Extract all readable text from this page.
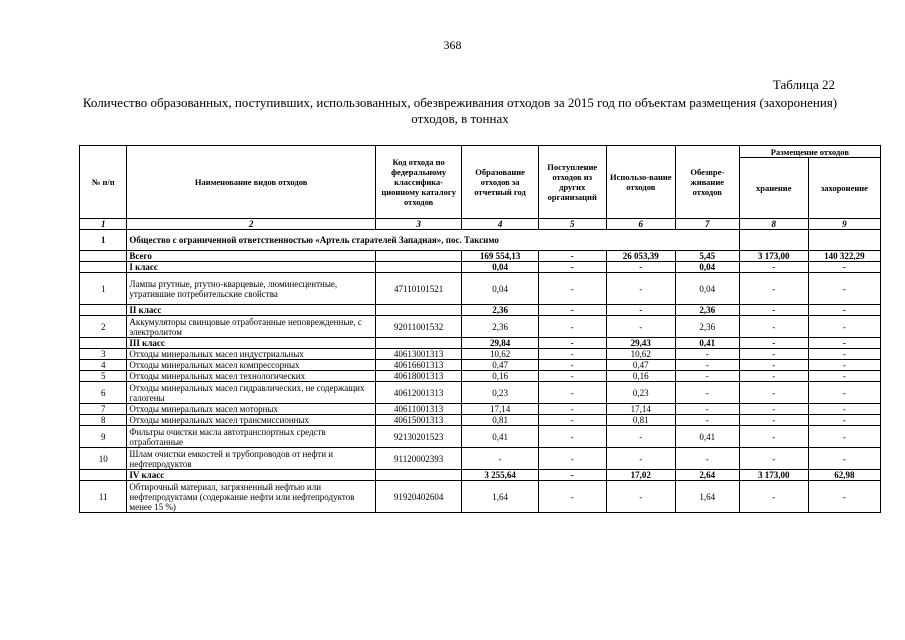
368
Таблица 22
Количество образованных, поступивших, использованных, обезвреживания отходов за 2015 год по объектам размещения (захоронения) отходов, в тоннах
№ п/п	Наименование видов отходов	Код отхода по федеральному классифика-ционному каталогу отходов	Образование отходов за отчетный год	Поступление отходов из других организаций	Использо-вание отходов	Обезвре-живание отходов	Размещение отходов	
							хранение	захоронение
1	2	3	4	5	6	7	8	9
1	Общество с ограниченной ответственностью «Артель старателей Западная», пос. Таксимо							
	Всего		169 554,13	-	26 053,39	5,45	3 173,00	140 322,29
	I класс		0,04	-	-	0,04	-	-
1	Лампы ртутные, ртутно-кварцевые, люминесцентные, утратившие потребительские свойства	47110101521	0,04	-	-	0,04	-	-
	II класс		2,36	-	-	2,36	-	-
2	Аккумуляторы свинцовые отработанные неповрежденные, с электролитом	92011001532	2,36	-	-	2,36	-	-
	III класс		29,84	-	29,43	0,41	-	-
3	Отходы минеральных масел индустриальных	40613001313	10,62	-	10,62	-	-	-
4	Отходы минеральных масел компрессорных	40616601313	0,47	-	0,47	-	-	-
5	Отходы минеральных масел технологических	40618001313	0,16	-	0,16	-	-	-
6	Отходы минеральных масел гидравлических, не содержащих галогены	40612001313	0,23	-	0,23	-	-	-
7	Отходы минеральных масел моторных	40611001313	17,14	-	17,14	-	-	-
8	Отходы минеральных масел трансмиссионных	40615001313	0,81	-	0,81	-	-	-
9	Фильтры очистки масла автотранспортных средств отработанные	92130201523	0,41	-	-	0,41	-	-
10	Шлам очистки емкостей и трубопроводов от нефти и нефтепродуктов	91120002393	-	-	-	-	-	-
	IV класс		3 255,64	-	17,02	2,64	3 173,00	62,98
11	Обтирочный материал, загрязненный нефтью или нефтепродуктами (содержание нефти или нефтепродуктов менее 15 %)	91920402604	1,64	-	-	1,64	-	-
